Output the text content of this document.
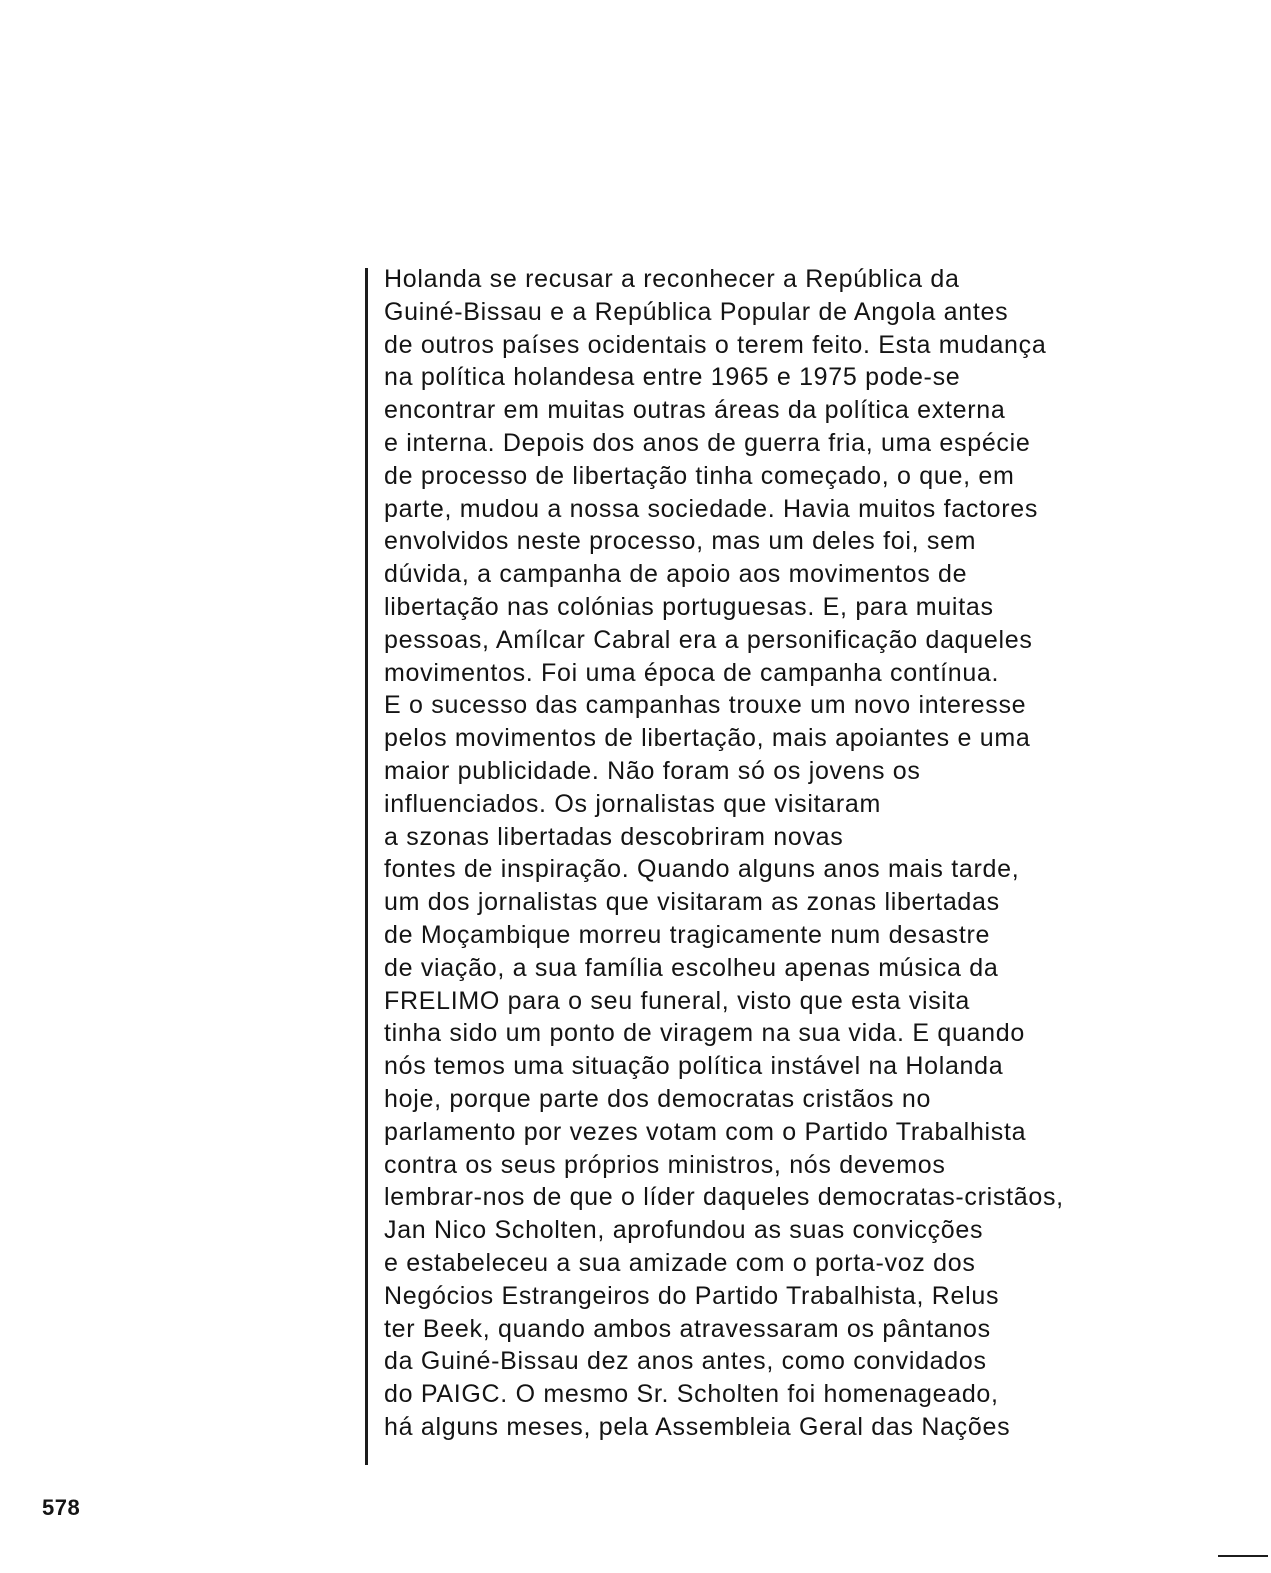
Holanda se recusar a reconhecer a República da
Guiné-Bissau e a República Popular de Angola antes
de outros países ocidentais o terem feito. Esta mudança
na política holandesa entre 1965 e 1975 pode-se
encontrar em muitas outras áreas da política externa
e interna. Depois dos anos de guerra fria, uma espécie
de processo de libertação tinha começado, o que, em
parte, mudou a nossa sociedade. Havia muitos factores
envolvidos neste processo, mas um deles foi, sem
dúvida, a campanha de apoio aos movimentos de
libertação nas colónias portuguesas. E, para muitas
pessoas, Amílcar Cabral era a personificação daqueles
movimentos. Foi uma época de campanha contínua.
E o sucesso das campanhas trouxe um novo interesse
pelos movimentos de libertação, mais apoiantes e uma
maior publicidade. Não foram só os jovens os
influenciados. Os jornalistas que visitaram
a szonas libertadas descobriram novas
fontes de inspiração. Quando alguns anos mais tarde,
um dos jornalistas que visitaram as zonas libertadas
de Moçambique morreu tragicamente num desastre
de viação, a sua família escolheu apenas música da
FRELIMO para o seu funeral, visto que esta visita
tinha sido um ponto de viragem na sua vida. E quando
nós temos uma situação política instável na Holanda
hoje, porque parte dos democratas cristãos no
parlamento por vezes votam com o Partido Trabalhista
contra os seus próprios ministros, nós devemos
lembrar-nos de que o líder daqueles democratas-cristãos,
Jan Nico Scholten, aprofundou as suas convicções
e estabeleceu a sua amizade com o porta-voz dos
Negócios Estrangeiros do Partido Trabalhista, Relus
ter Beek, quando ambos atravessaram os pântanos
da Guiné-Bissau dez anos antes, como convidados
do PAIGC. O mesmo Sr. Scholten foi homenageado,
há alguns meses, pela Assembleia Geral das Nações
578
